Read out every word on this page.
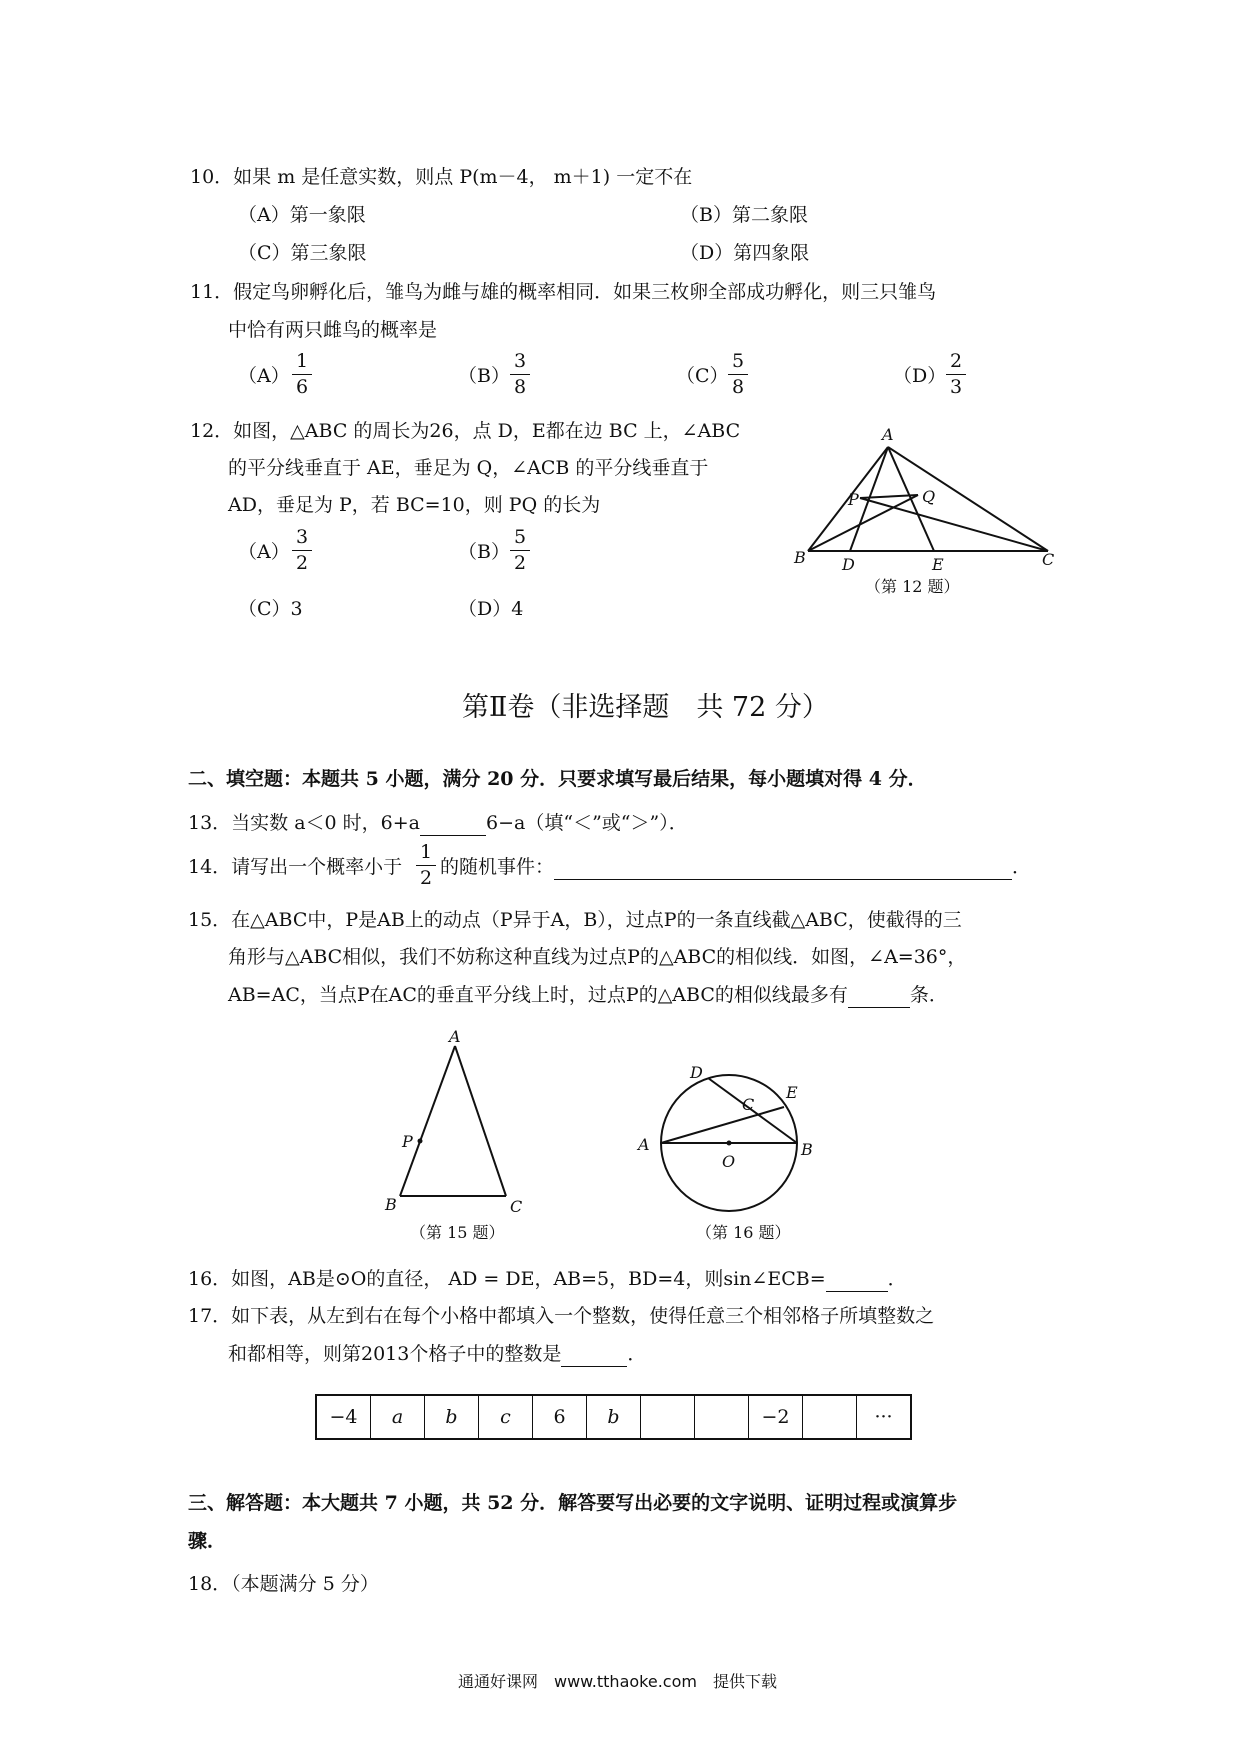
10．如果 m 是任意实数，则点 P(m－4， m＋1) 一定不在
（A）第一象限	（B）第二象限
（C）第三象限	（D）第四象限
11．假定鸟卵孵化后，雏鸟为雌与雄的概率相同．如果三枚卵全部成功孵化，则三只雏鸟
中恰有两只雌鸟的概率是
$(A) \frac{1}{6}$	$(B) \frac{3}{8}$	$(C) \frac{5}{8}$	$(D) \frac{2}{3}$
12．如图，△ABC 的周长为26，点 D，E都在边 BC 上，∠ABC
的平分线垂直于 AE，垂足为 Q，∠ACB 的平分线垂直于
AD，垂足为 P，若 BC=10，则 PQ 的长为
$(A) \frac{3}{2}$	$(B) \frac{5}{2}$
（C）3	（D）4
A
B	C
D	E
P	Q
（第 12 题）
第Ⅱ卷（非选择题　共 72 分）
二、填空题：本题共 5 小题，满分 20 分．只要求填写最后结果，每小题填对得 4 分．
13．当实数 a＜0 时，6+a	6−a（填“＜”或“＞”）．
14．请写出一个概率小于 $\frac{1}{2}$ 的随机事件：	．
15．在△ABC中，P是AB上的动点（P异于A，B），过点P的一条直线截△ABC，使截得的三
角形与△ABC相似，我们不妨称这种直线为过点P的△ABC的相似线．如图，∠A=36°，
AB=AC，当点P在AC的垂直平分线上时，过点P的△ABC的相似线最多有	条．
A
P
B	C
（第 15 题）
D
C
E
A
O
B
（第 16 题）
16．如图，AB是⊙O的直径， AD = DE，AB=5，BD=4，则sin∠ECB=	．
17．如下表，从左到右在每个小格中都填入一个整数，使得任意三个相邻格子所填整数之
和都相等，则第2013个格子中的整数是	．
−4	a	b	c	6	b			−2		···
三、解答题：本大题共 7 小题，共 52 分．解答要写出必要的文字说明、证明过程或演算步
骤．
18．（本题满分 5 分）
通通好课网　www.tthaoke.com　提供下载
